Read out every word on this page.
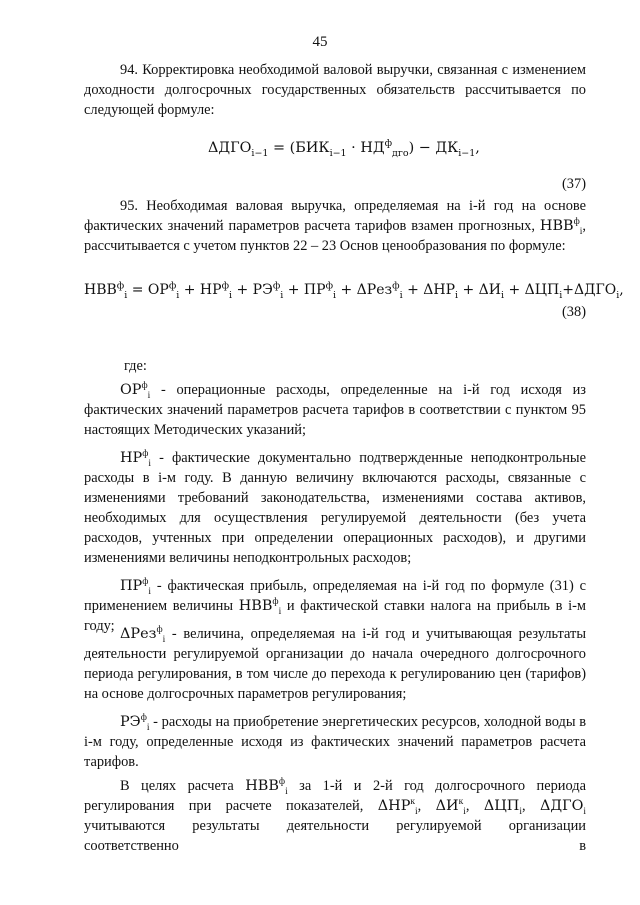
45
94. Корректировка необходимой валовой выручки, связанная с изменением доходности долгосрочных государственных обязательств рассчитывается по следующей формуле:
$\Delta ДГО_{i-1} = (БИК_{i-1} \cdot НД^ф_{дго}) - ДК_{i-1}$,
(37)
95. Необходимая валовая выручка, определяемая на i-й год на основе фактических значений параметров расчета тарифов взамен прогнозных, $НВВ^ф_i$, рассчитывается с учетом пунктов 22 – 23 Основ ценообразования по формуле:
$НВВ^ф_i = ОР^ф_i + НР^ф_i + РЭ^ф_i + ПР^ф_i + \Delta Рез^ф_i + \Delta НР_i + \Delta И_i + \Delta ЦП_i+\Delta ДГО_i$,
(38)
где:
$ОР^ф_i$ - операционные расходы, определенные на i-й год исходя из фактических значений параметров расчета тарифов в соответствии с пунктом 95 настоящих Методических указаний;
$НР^ф_i$ - фактические документально подтвержденные неподконтрольные расходы в i-м году. В данную величину включаются расходы, связанные с изменениями требований законодательства, изменениями состава активов, необходимых для осуществления регулируемой деятельности (без учета расходов, учтенных при определении операционных расходов), и другими изменениями величины неподконтрольных расходов;
$ПР^ф_i$ - фактическая прибыль, определяемая на i-й год по формуле (31) с применением величины $НВВ^ф_i$ и фактической ставки налога на прибыль в i-м году; ΔРез$^ф_i$ - величина, определяемая на i-й год и учитывающая результаты деятельности регулируемой организации до начала очередного долгосрочного периода регулирования, в том числе до перехода к регулированию цен (тарифов) на основе долгосрочных параметров регулирования;
$РЭ^ф_i$ - расходы на приобретение энергетических ресурсов, холодной воды в i-м году, определенные исходя из фактических значений параметров расчета тарифов.
В целях расчета $НВВ^ф_i$ за 1-й и 2-й год долгосрочного периода регулирования при расчете показателей, $\Delta НР^к_i$, $\Delta И^к_i$, $\Delta ЦП_i$, $\Delta ДГО_i$ учитываются результаты деятельности регулируемой организации соответственно в
